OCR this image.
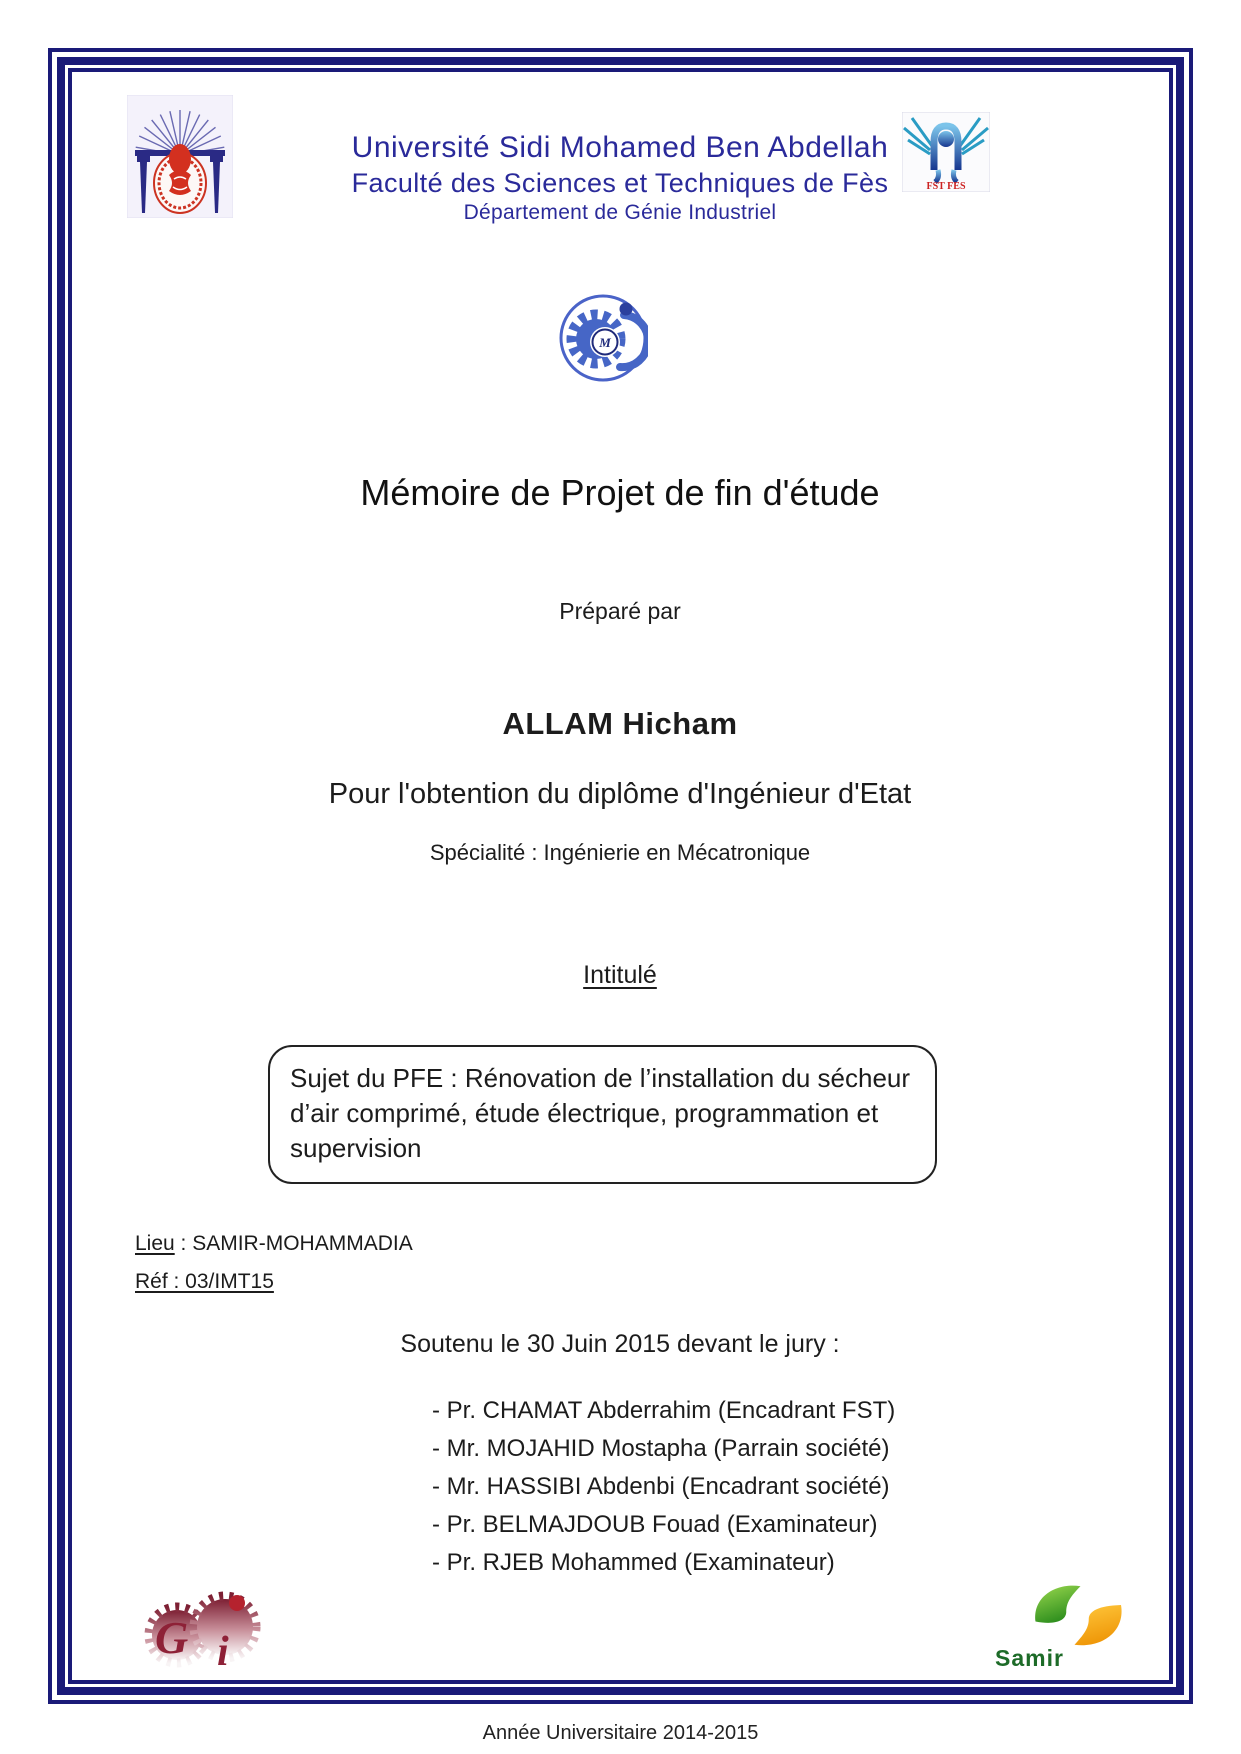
Université Sidi Mohamed Ben Abdellah
Faculté des Sciences et Techniques de Fès
Département de Génie Industriel
FST FES
M
Mémoire de Projet de fin d'étude
Préparé par
ALLAM Hicham
Pour l'obtention du diplôme d'Ingénieur d'Etat
Spécialité : Ingénierie en Mécatronique
Intitulé
Sujet du PFE : Rénovation de l’installation du sécheur d’air comprimé, étude électrique, programmation et supervision
Lieu : SAMIR-MOHAMMADIA
Réf : 03/IMT15
Soutenu le 30 Juin 2015 devant le jury :
- Pr. CHAMAT Abderrahim (Encadrant FST)
- Mr. MOJAHID Mostapha (Parrain société)
- Mr. HASSIBI Abdenbi (Encadrant société)
- Pr. BELMAJDOUB Fouad (Examinateur)
- Pr. RJEB Mohammed (Examinateur)
G i	Samir
Année Universitaire 2014-2015
